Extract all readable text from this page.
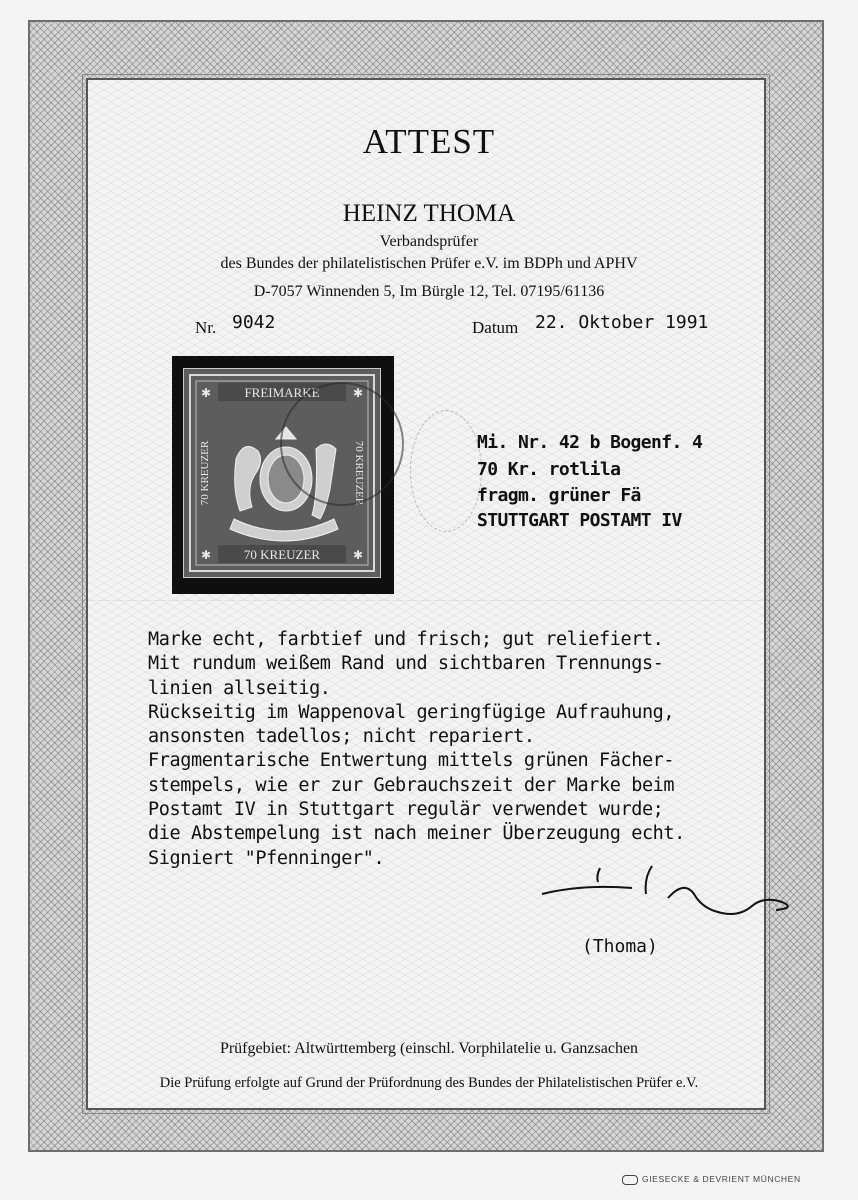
ATTEST
HEINZ THOMA
Verbandsprüfer
des Bundes der philatelistischen Prüfer e.V. im BDPh und APHV
D-7057 Winnenden 5, Im Bürgle 12, Tel. 07195/61136
Nr. 9042	Datum 22. Oktober 1991
FREIMARKE
70 KREUZER
70 KREUZER	70 KREUZER
✱	✱
✱	✱
Mi. Nr. 42 b Bogenf. 4
70 Kr. rotlila
fragm. grüner Fä
STUTTGART POSTAMT IV
Marke echt, farbtief und frisch; gut reliefiert.
Mit rundum weißem Rand und sichtbaren Trennungs-
linien allseitig.
Rückseitig im Wappenoval geringfügige Aufrauhung,
ansonsten tadellos; nicht repariert.
Fragmentarische Entwertung mittels grünen Fächer-
stempels, wie er zur Gebrauchszeit der Marke beim
Postamt IV in Stuttgart regulär verwendet wurde;
die Abstempelung ist nach meiner Überzeugung echt.
Signiert "Pfenninger".
(Thoma)
Prüfgebiet: Altwürttemberg (einschl. Vorphilatelie u. Ganzsachen
Die Prüfung erfolgte auf Grund der Prüfordnung des Bundes der Philatelistischen Prüfer e.V.
GIESECKE & DEVRIENT MÜNCHEN
